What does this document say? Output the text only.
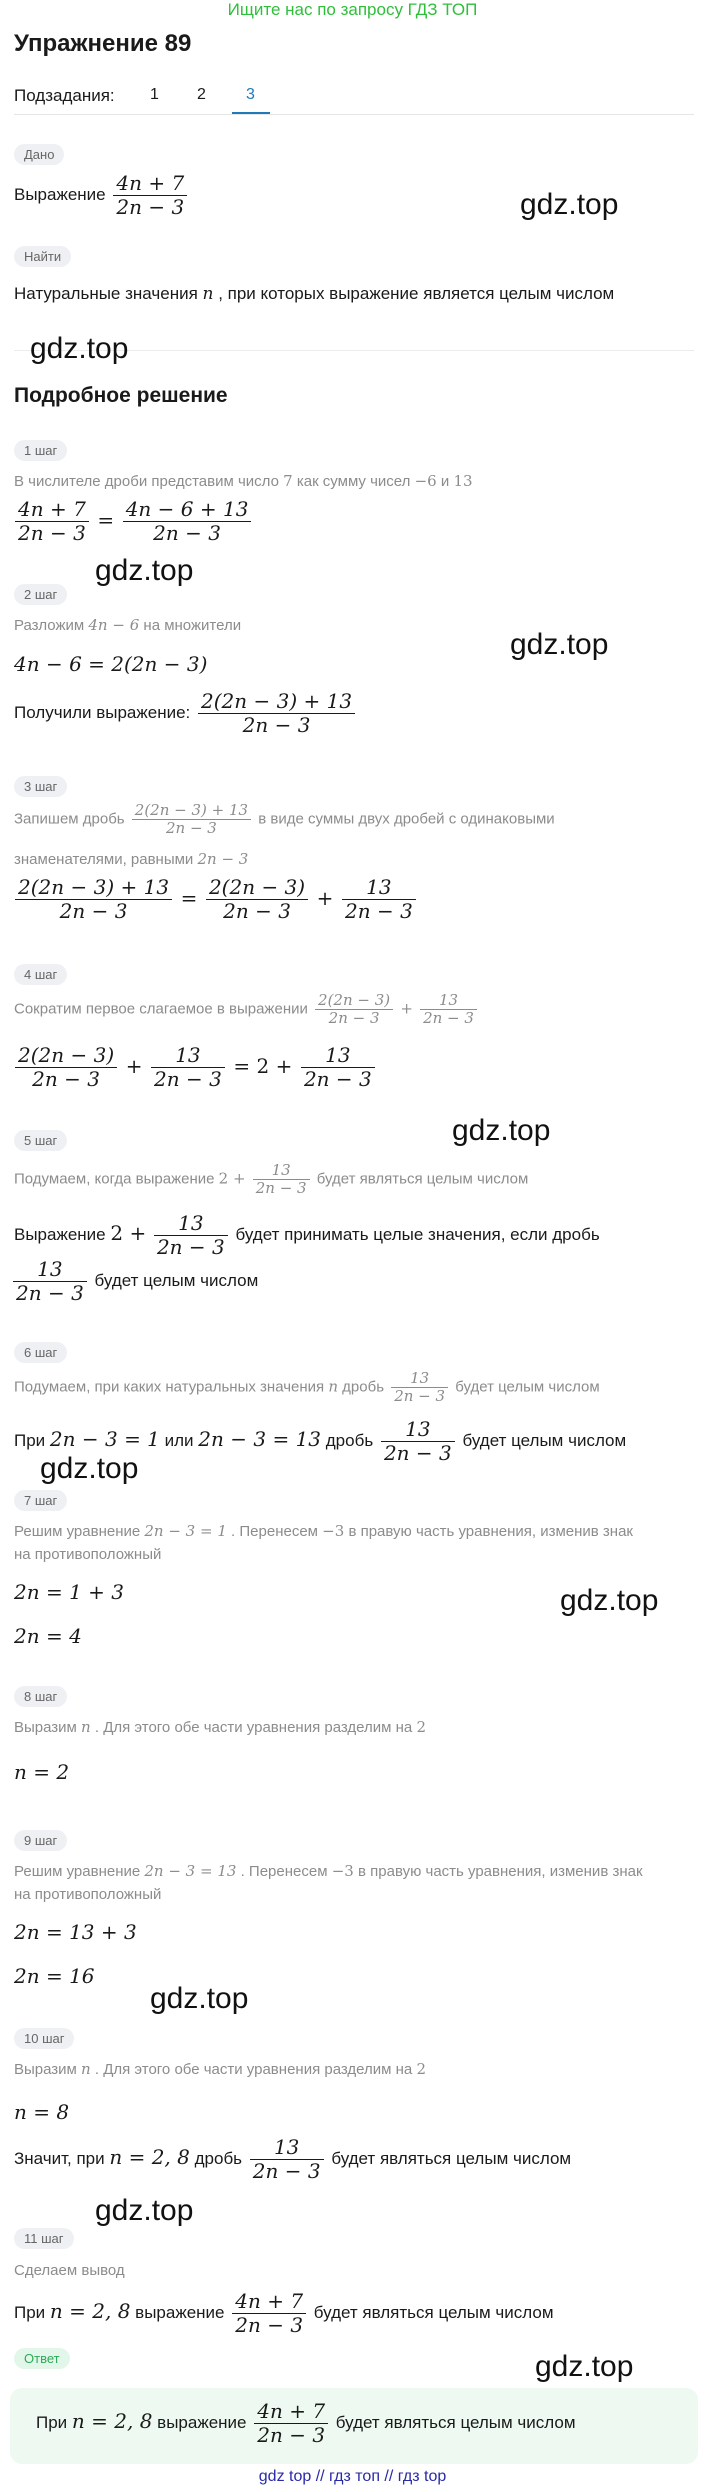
Ищите нас по запросу ГДЗ ТОП
Упражнение 89
Подзадания: 1 2	3
Дано
Выражение $\frac{4n + 7}{2n - 3}$	gdz.top
Найти
Натуральные значения n , при которых выражение является целым числом
gdz.top
Подробное решение
1 шаг
В числителе дроби представим число 7 как сумму чисел −6 и 13
$\frac{4n + 7}{2n - 3} = \frac{4n - 6 + 13}{2n - 3}$
gdz.top
2 шаг
Разложим 4n − 6 на множители
gdz.top
4n − 6 = 2(2n − 3)
Получили выражение: $\frac{2(2n - 3) + 13}{2n - 3}$
3 шаг
Запишем дробь $\frac{2(2n - 3) + 13}{2n - 3}$ в виде суммы двух дробей с одинаковыми
знаменателями, равными 2n − 3
$\frac{2(2n - 3) + 13}{2n - 3} = \frac{2(2n - 3)}{2n - 3} + \frac{13}{2n - 3}$
4 шаг
Сократим первое слагаемое в выражении $\frac{2(2n - 3)}{2n - 3} + \frac{13}{2n - 3}$
$\frac{2(2n - 3)}{2n - 3} + \frac{13}{2n - 3} = 2 + \frac{13}{2n - 3}$
gdz.top
5 шаг
Подумаем, когда выражение $2 + \frac{13}{2n - 3}$ будет являться целым числом
Выражение $2 + \frac{13}{2n - 3}$ будет принимать целые значения, если дробь
$\frac{13}{2n - 3}$ будет целым числом
6 шаг
Подумаем, при каких натуральных значения n дробь $\frac{13}{2n - 3}$ будет целым числом
При 2n − 3 = 1 или 2n − 3 = 13 дробь $\frac{13}{2n - 3}$ будет целым числом
gdz.top
7 шаг
Решим уравнение 2n − 3 = 1 . Перенесем −3 в правую часть уравнения, изменив знак
на противоположный
2n = 1 + 3	gdz.top
2n = 4
8 шаг
Выразим n . Для этого обе части уравнения разделим на 2
n = 2
9 шаг
Решим уравнение 2n − 3 = 13 . Перенесем −3 в правую часть уравнения, изменив знак
на противоположный
2n = 13 + 3
2n = 16
gdz.top
10 шаг
Выразим n . Для этого обе части уравнения разделим на 2
n = 8
Значит, при n = 2, 8 дробь $\frac{13}{2n - 3}$ будет являться целым числом
gdz.top
11 шаг
Сделаем вывод
При n = 2, 8 выражение $\frac{4n + 7}{2n - 3}$ будет являться целым числом
Ответ	gdz.top
При n = 2, 8 выражение $\frac{4n + 7}{2n - 3}$ будет являться целым числом
gdz top // гдз топ // гдз top
